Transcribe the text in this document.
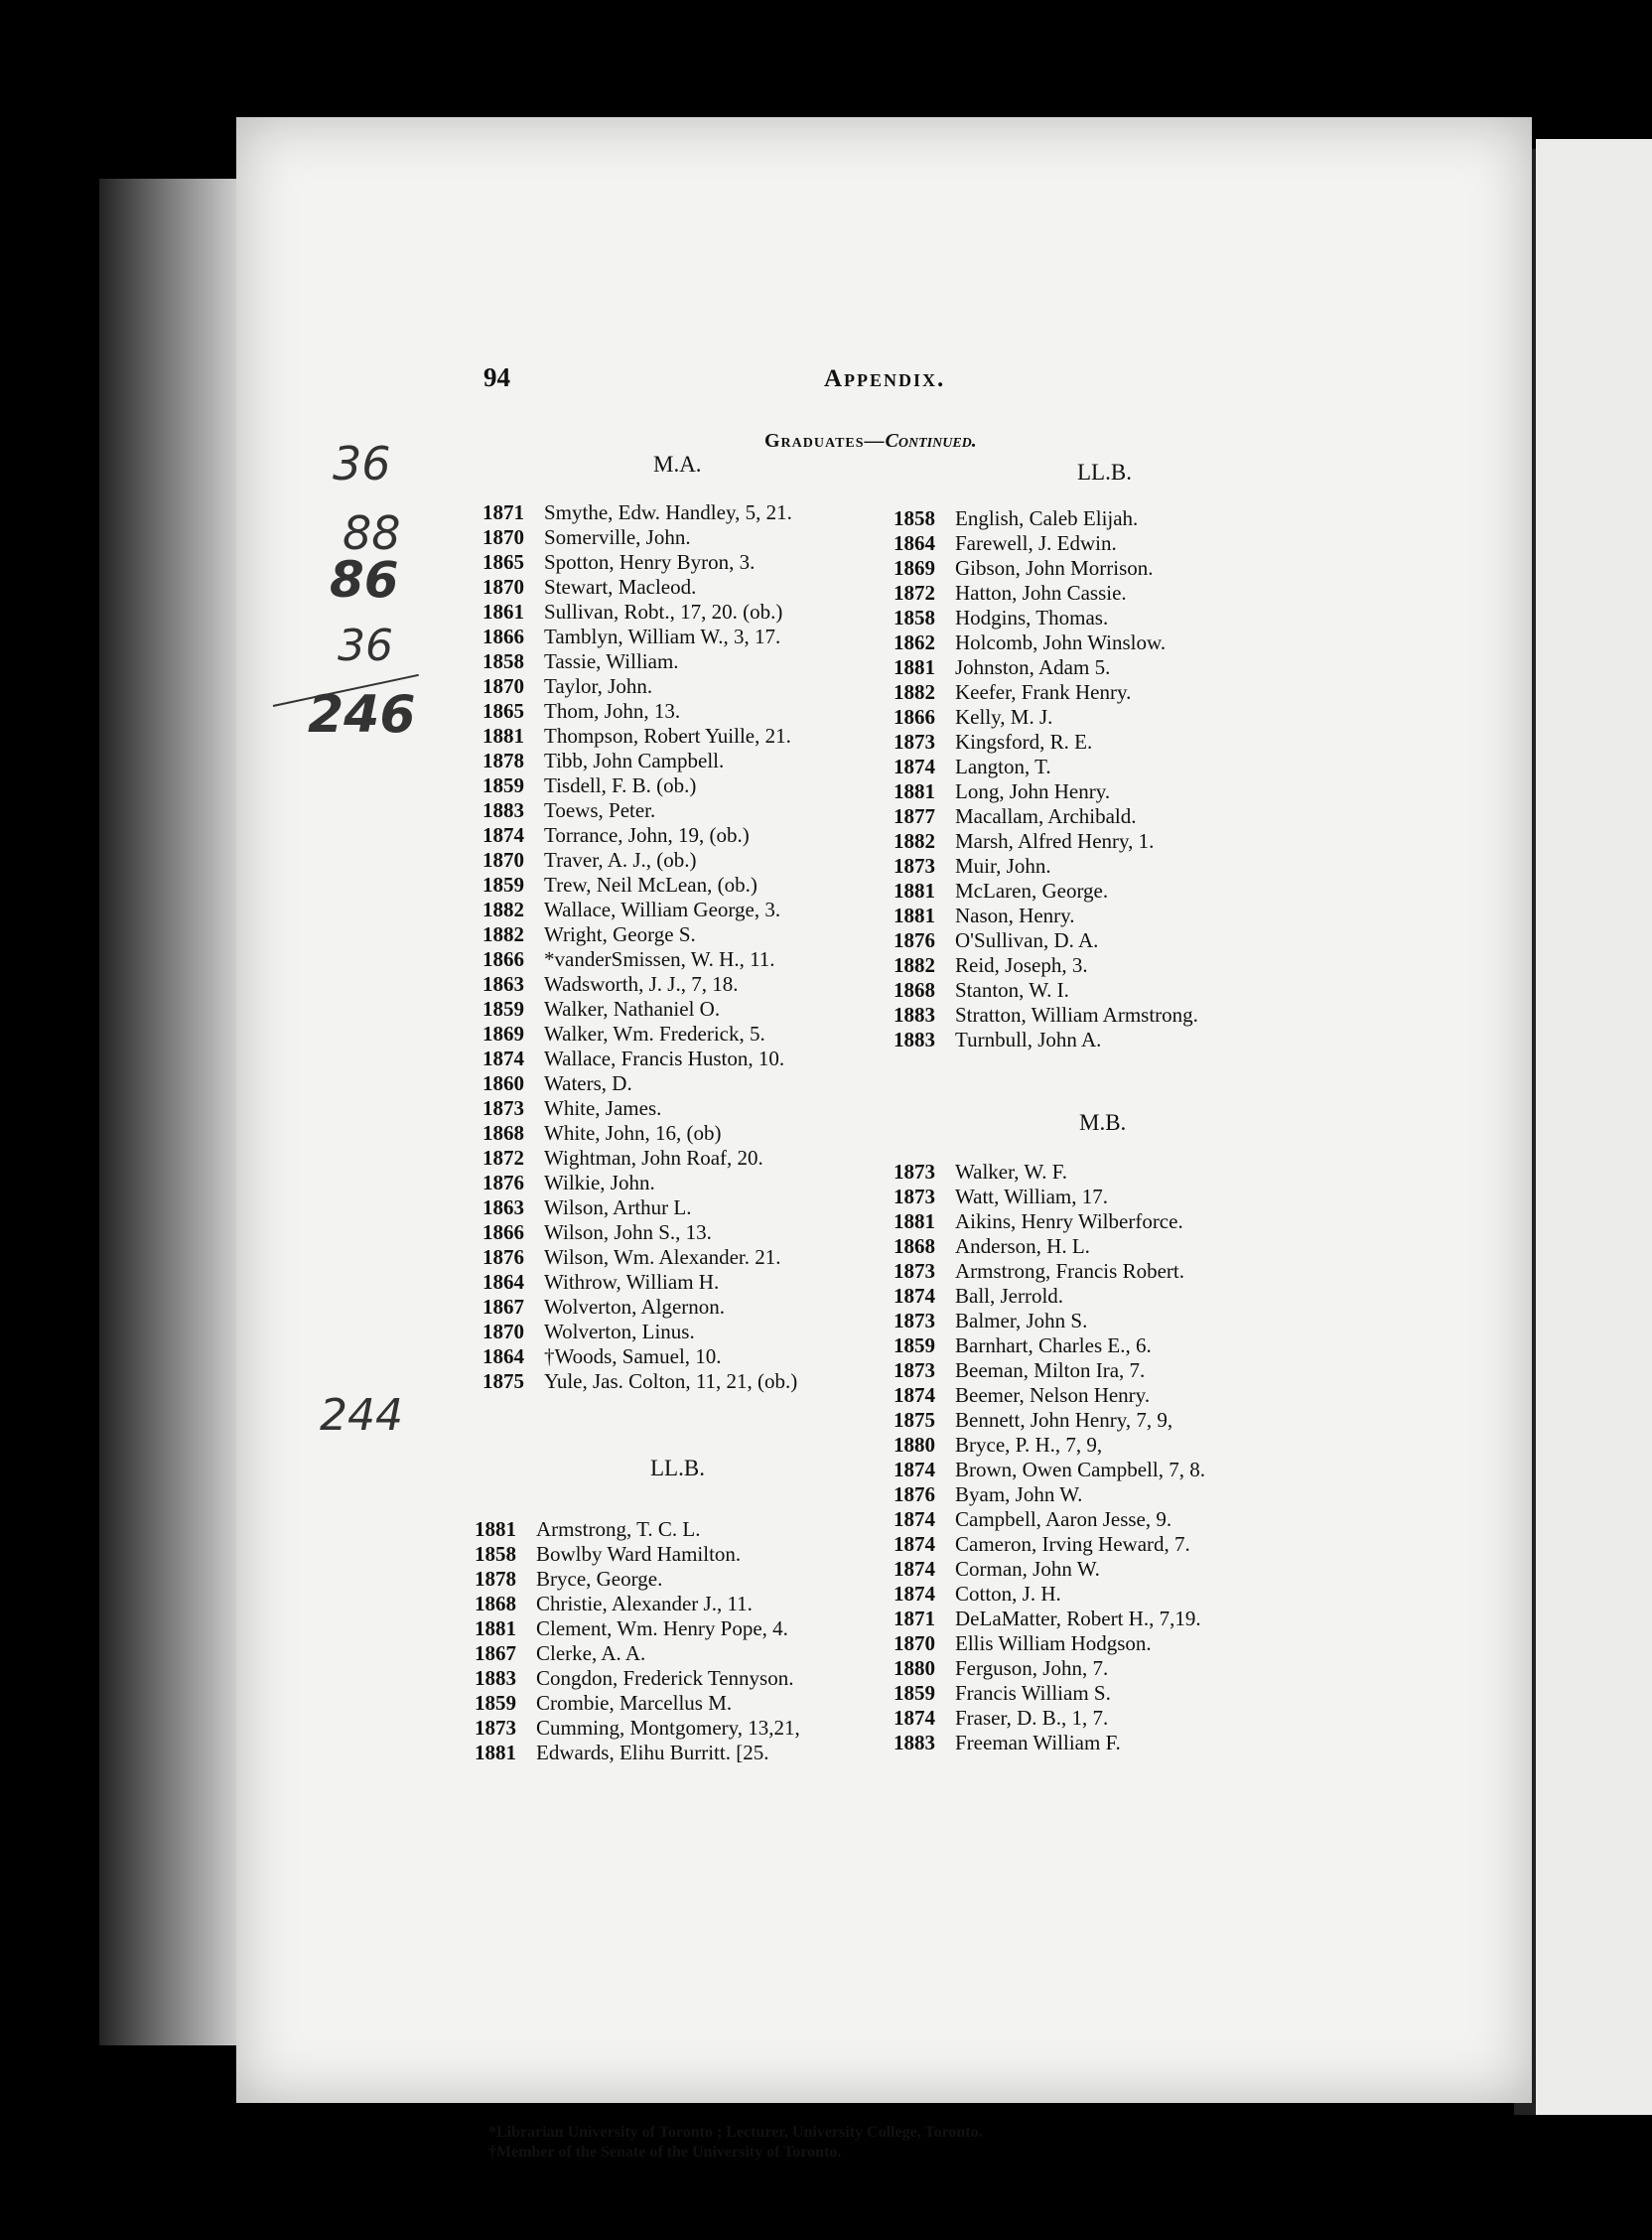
94	Appendix.
Graduates—Continued.
M.A.	LL.B.
1871 Smythe, Edw. Handley, 5, 21.
1870 Somerville, John.
1865 Spotton, Henry Byron, 3.
1870 Stewart, Macleod.
1861 Sullivan, Robt., 17, 20. (ob.)
1866 Tamblyn, William W., 3, 17.
1858 Tassie, William.
1870 Taylor, John.
1865 Thom, John, 13.
1881 Thompson, Robert Yuille, 21.
1878 Tibb, John Campbell.
1859 Tisdell, F. B. (ob.)
1883 Toews, Peter.
1874 Torrance, John, 19, (ob.)
1870 Traver, A. J., (ob.)
1859 Trew, Neil McLean, (ob.)
1882 Wallace, William George, 3.
1882 Wright, George S.
1866 *vanderSmissen, W. H., 11.
1863 Wadsworth, J. J., 7, 18.
1859 Walker, Nathaniel O.
1869 Walker, Wm. Frederick, 5.
1874 Wallace, Francis Huston, 10.
1860 Waters, D.
1873 White, James.
1868 White, John, 16, (ob)
1872 Wightman, John Roaf, 20.
1876 Wilkie, John.
1863 Wilson, Arthur L.
1866 Wilson, John S., 13.
1876 Wilson, Wm. Alexander. 21.
1864 Withrow, William H.
1867 Wolverton, Algernon.
1870 Wolverton, Linus.
1864 †Woods, Samuel, 10.
1875 Yule, Jas. Colton, 11, 21, (ob.)
LL.B.
1881 Armstrong, T. C. L.
1858 Bowlby Ward Hamilton.
1878 Bryce, George.
1868 Christie, Alexander J., 11.
1881 Clement, Wm. Henry Pope, 4.
1867 Clerke, A. A.
1883 Congdon, Frederick Tennyson.
1859 Crombie, Marcellus M.
1873 Cumming, Montgomery, 13,21,
1881 Edwards, Elihu Burritt. [25.
1858 English, Caleb Elijah.
1864 Farewell, J. Edwin.
1869 Gibson, John Morrison.
1872 Hatton, John Cassie.
1858 Hodgins, Thomas.
1862 Holcomb, John Winslow.
1881 Johnston, Adam 5.
1882 Keefer, Frank Henry.
1866 Kelly, M. J.
1873 Kingsford, R. E.
1874 Langton, T.
1881 Long, John Henry.
1877 Macallam, Archibald.
1882 Marsh, Alfred Henry, 1.
1873 Muir, John.
1881 McLaren, George.
1881 Nason, Henry.
1876 O'Sullivan, D. A.
1882 Reid, Joseph, 3.
1868 Stanton, W. I.
1883 Stratton, William Armstrong.
1883 Turnbull, John A.
M.B.
1873 Walker, W. F.
1873 Watt, William, 17.
1881 Aikins, Henry Wilberforce.
1868 Anderson, H. L.
1873 Armstrong, Francis Robert.
1874 Ball, Jerrold.
1873 Balmer, John S.
1859 Barnhart, Charles E., 6.
1873 Beeman, Milton Ira, 7.
1874 Beemer, Nelson Henry.
1875 Bennett, John Henry, 7, 9,
1880 Bryce, P. H., 7, 9,
1874 Brown, Owen Campbell, 7, 8.
1876 Byam, John W.
1874 Campbell, Aaron Jesse, 9.
1874 Cameron, Irving Heward, 7.
1874 Corman, John W.
1874 Cotton, J. H.
1871 DeLaMatter, Robert H., 7,19.
1870 Ellis William Hodgson.
1880 Ferguson, John, 7.
1859 Francis William S.
1874 Fraser, D. B., 1, 7.
1883 Freeman William F.
*Librarian University of Toronto ; Lecturer, University College, Toronto.
†Member of the Senate of the University of Toronto.
36
88
86
36
246
244
